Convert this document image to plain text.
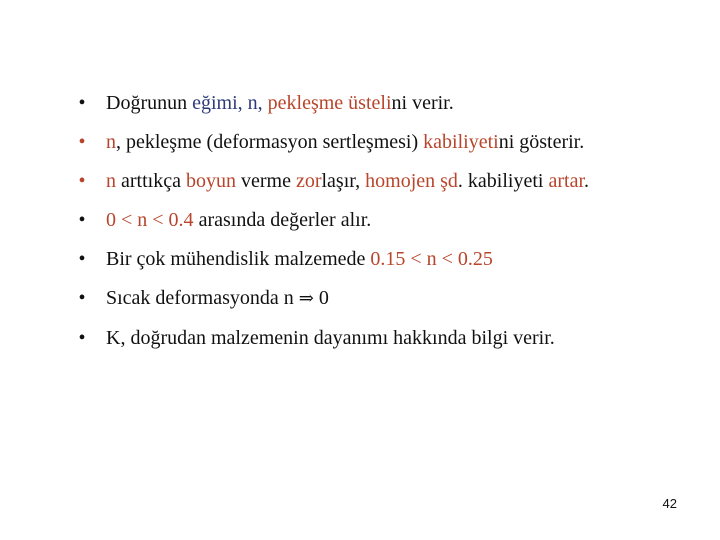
•	Doğrunun eğimi, n, pekleşme üstelini verir.
•	n, pekleşme (deformasyon sertleşmesi) kabiliyetini gösterir.
•	n arttıkça boyun verme zorlaşır, homojen şd. kabiliyeti artar.
•	0 < n < 0.4 arasında değerler alır.
•	Bir çok mühendislik malzemede 0.15 < n < 0.25
•	Sıcak deformasyonda n ⇒ 0
•	K, doğrudan malzemenin dayanımı hakkında bilgi verir.
42
